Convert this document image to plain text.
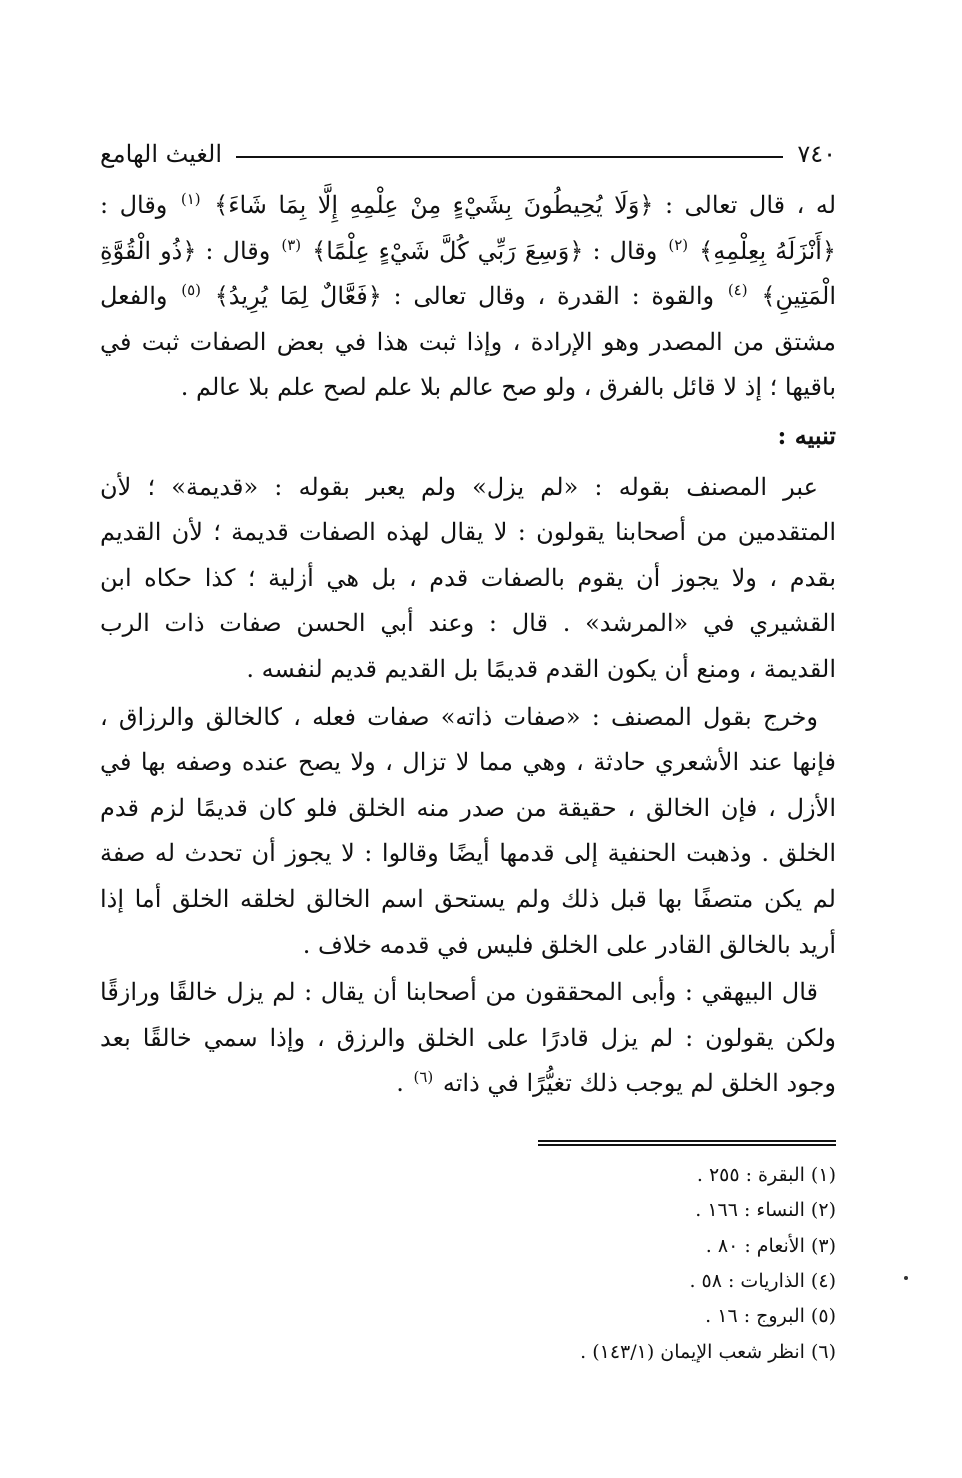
٧٤٠
الغيث الهامع

له ، قال تعالى : ﴿وَلَا يُحِيطُونَ بِشَيْءٍ مِنْ عِلْمِهِ إِلَّا بِمَا شَاءَ﴾ $^{(١)}$ وقال : ﴿أَنْزَلَهُ بِعِلْمِهِ﴾ $^{(٢)}$ وقال : ﴿وَسِعَ رَبِّي كُلَّ شَيْءٍ عِلْمًا﴾ $^{(٣)}$ وقال : ﴿ذُو الْقُوَّةِ الْمَتِينِ﴾ $^{(٤)}$ والقوة : القدرة ، وقال تعالى : ﴿فَعَّالٌ لِمَا يُرِيدُ﴾ $^{(٥)}$ والفعل مشتق من المصدر وهو الإرادة ، وإذا ثبت هذا في بعض الصفات ثبت في باقيها ؛ إذ لا قائل بالفرق ، ولو صح عالم بلا علم لصح علم بلا عالم .

تنبيه :

عبر المصنف بقوله : «لم يزل» ولم يعبر بقوله : «قديمة» ؛ لأن المتقدمين من أصحابنا يقولون : لا يقال لهذه الصفات قديمة ؛ لأن القديم بقدم ، ولا يجوز أن يقوم بالصفات قدم ، بل هي أزلية ؛ كذا حكاه ابن القشيري في «المرشد» . قال : وعند أبي الحسن صفات ذات الرب القديمة ، ومنع أن يكون القدم قديمًا بل القديم قديم لنفسه .

وخرج بقول المصنف : «صفات ذاته» صفات فعله ، كالخالق والرزاق ، فإنها عند الأشعري حادثة ، وهي مما لا تزال ، ولا يصح عنده وصفه بها في الأزل ، فإن الخالق ، حقيقة من صدر منه الخلق فلو كان قديمًا لزم قدم الخلق . وذهبت الحنفية إلى قدمها أيضًا وقالوا : لا يجوز أن تحدث له صفة لم يكن متصفًا بها قبل ذلك ولم يستحق اسم الخالق لخلقه الخلق أما إذا أريد بالخالق القادر على الخلق فليس في قدمه خلاف .

قال البيهقي : وأبى المحققون من أصحابنا أن يقال : لم يزل خالقًا ورازقًا ولكن يقولون : لم يزل قادرًا على الخلق والرزق ، وإذا سمي خالقًا بعد وجود الخلق لم يوجب ذلك تغيُّرًا في ذاته $^{(٦)}$ .

(١) البقرة : ٢٥٥ .
(٢) النساء : ١٦٦ .
(٣) الأنعام : ٨٠ .
(٤) الذاريات : ٥٨ .
(٥) البروج : ١٦ .
(٦) انظر شعب الإيمان (١٤٣/١) .
